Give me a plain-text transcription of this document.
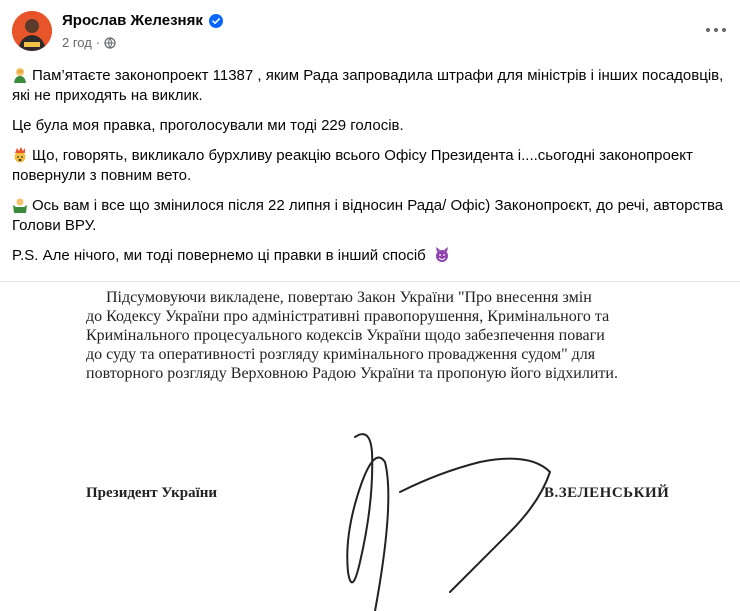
Ярослав Железняк
2 год ·

Пам’ятаєте законопроект 11387 , яким Рада запровадила штрафи для міністрів і інших посадовців, які не приходять на виклик.

Це була моя правка, проголосували ми тоді 229 голосів.

Що, говорять, викликало бурхливу реакцію всього Офісу Президента і....сьогодні законопроект повернули з повним вето.

Ось вам і все що змінилося після 22 липня і відносин Рада/ Офіс) Законопроєкт, до речі, авторства Голови ВРУ.

P.S. Але нічого, ми тоді повернемо ці правки в інший спосіб

Підсумовуючи викладене, повертаю Закон України "Про внесення змін
до Кодексу України про адміністративні правопорушення, Кримінального та
Кримінального процесуального кодексів України щодо забезпечення поваги
до суду та оперативності розгляду кримінального провадження судом" для
повторного розгляду Верховною Радою України та пропоную його відхилити.
Президент України	В.ЗЕЛЕНСЬКИЙ
